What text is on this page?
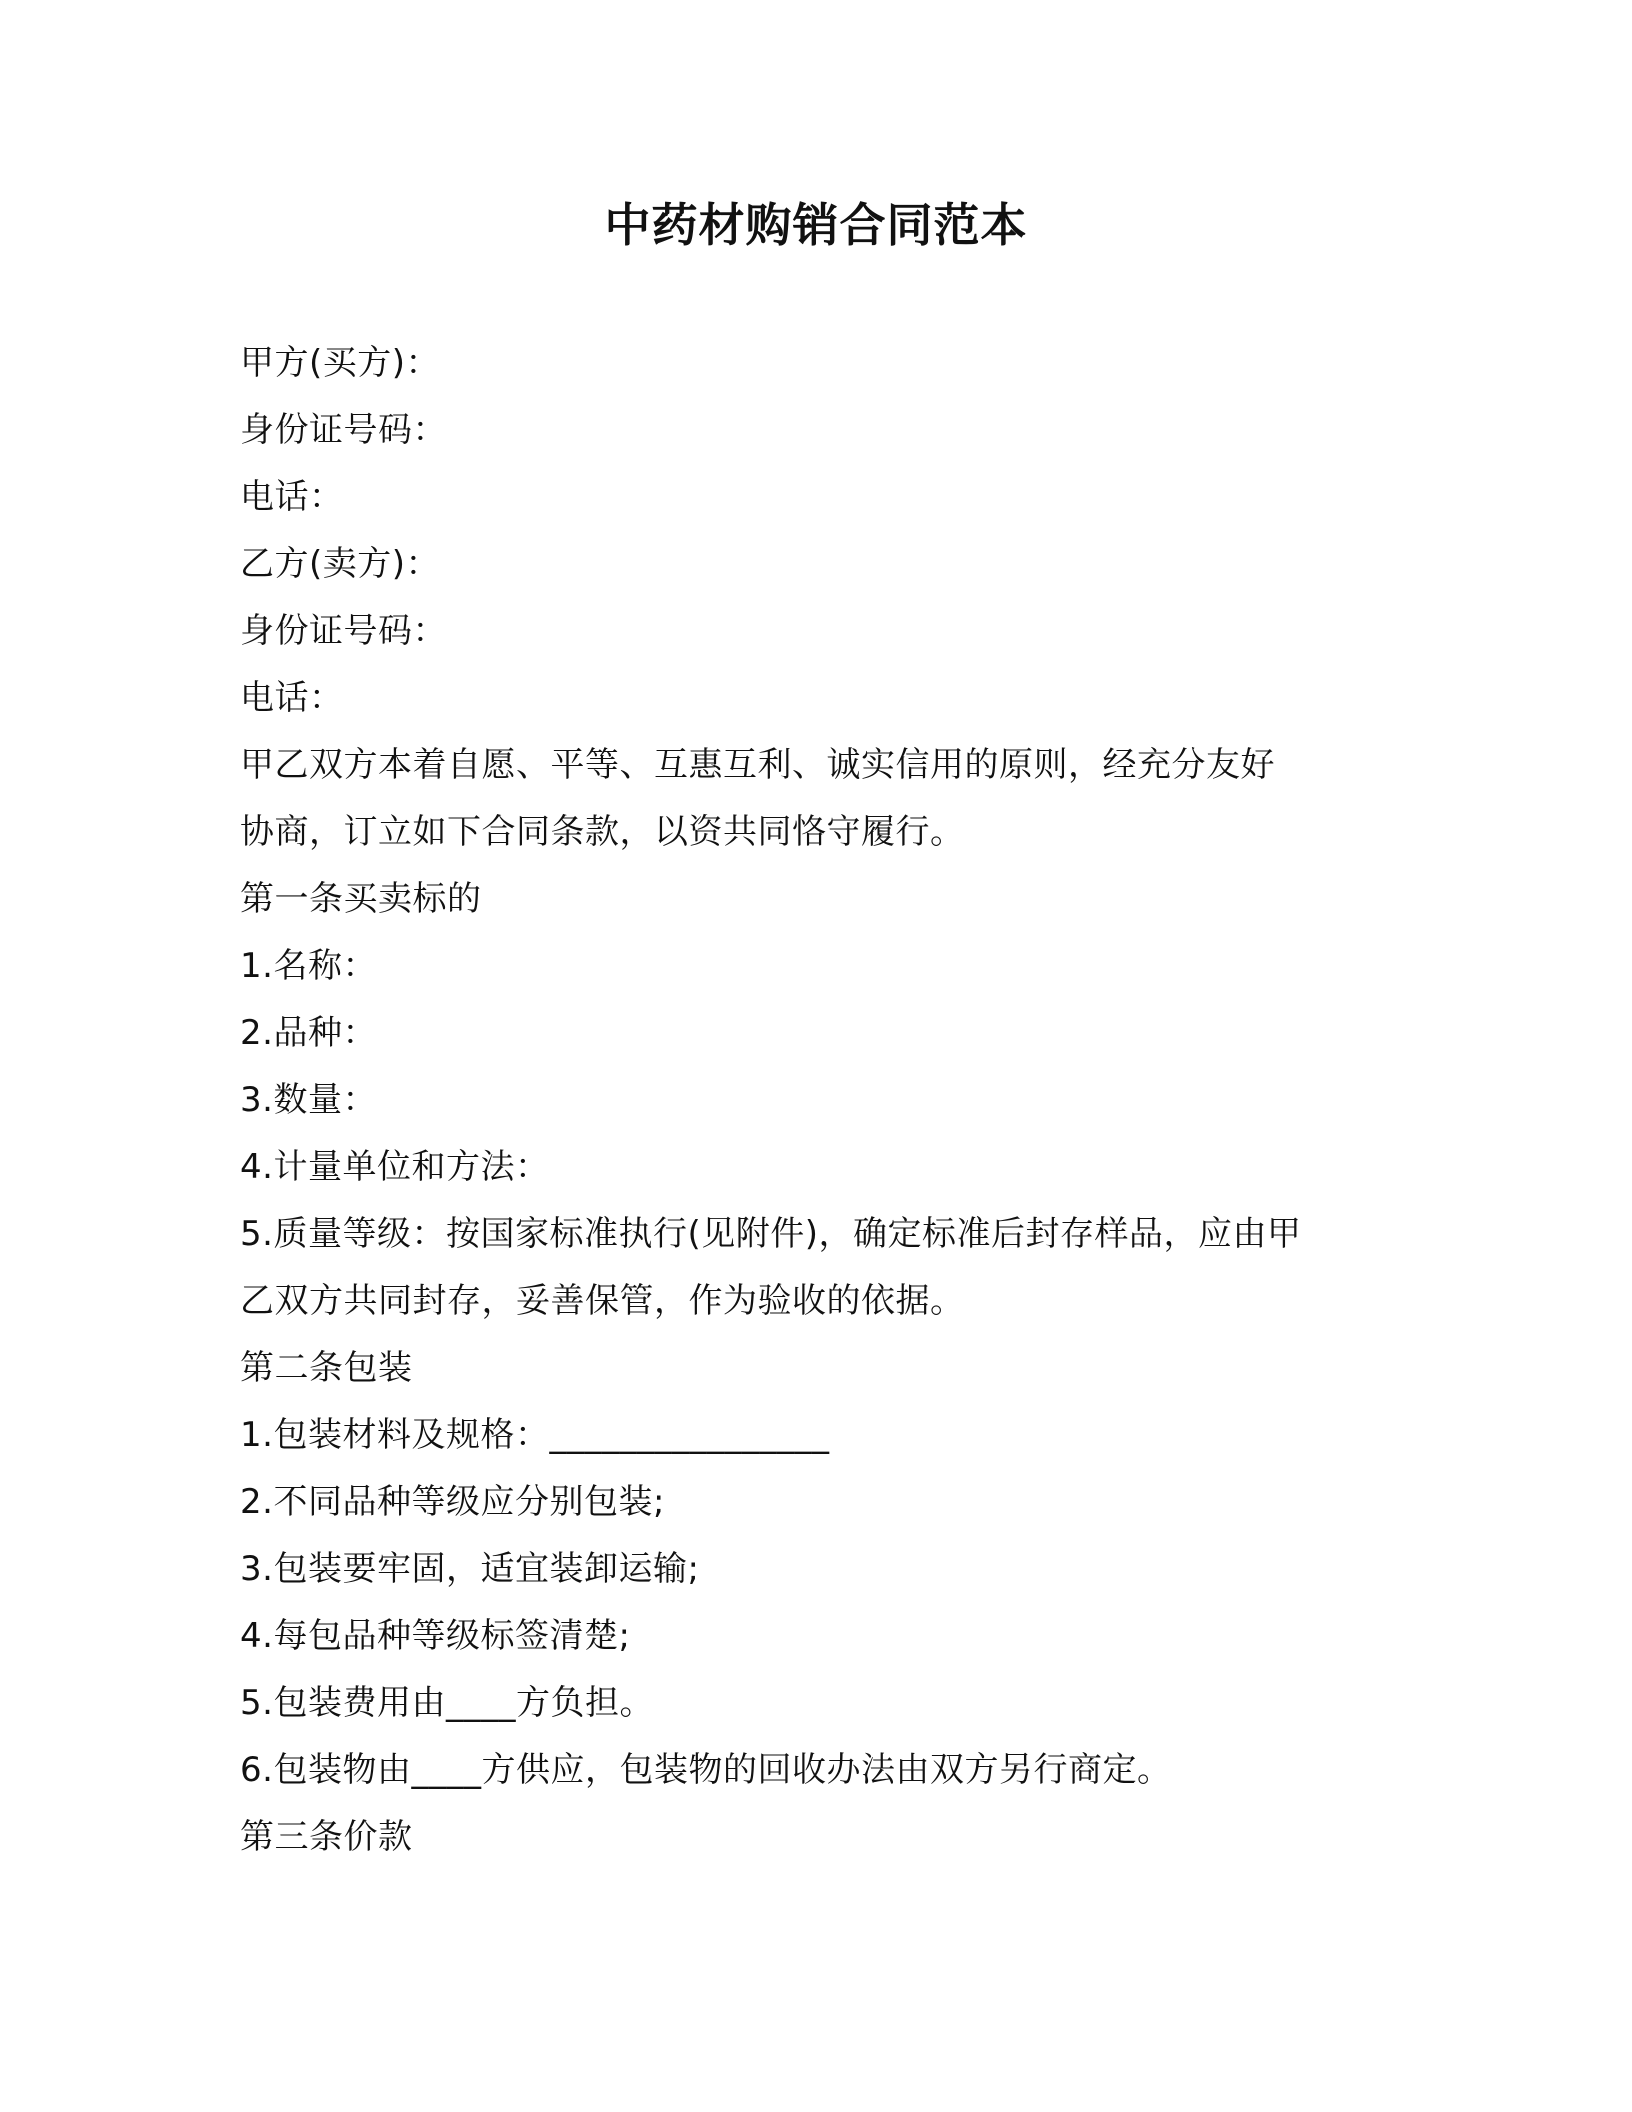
中药材购销合同范本
甲方(买方)：
身份证号码：
电话：
乙方(卖方)：
身份证号码：
电话：
甲乙双方本着自愿、平等、互惠互利、诚实信用的原则，经充分友好
协商，订立如下合同条款，以资共同恪守履行。
第一条买卖标的
1.名称：
2.品种：
3.数量：
4.计量单位和方法：
5.质量等级：按国家标准执行(见附件)，确定标准后封存样品，应由甲
乙双方共同封存，妥善保管，作为验收的依据。
第二条包装
1.包装材料及规格：________________
2.不同品种等级应分别包装;
3.包装要牢固，适宜装卸运输;
4.每包品种等级标签清楚;
5.包装费用由____方负担。
6.包装物由____方供应，包装物的回收办法由双方另行商定。
第三条价款
